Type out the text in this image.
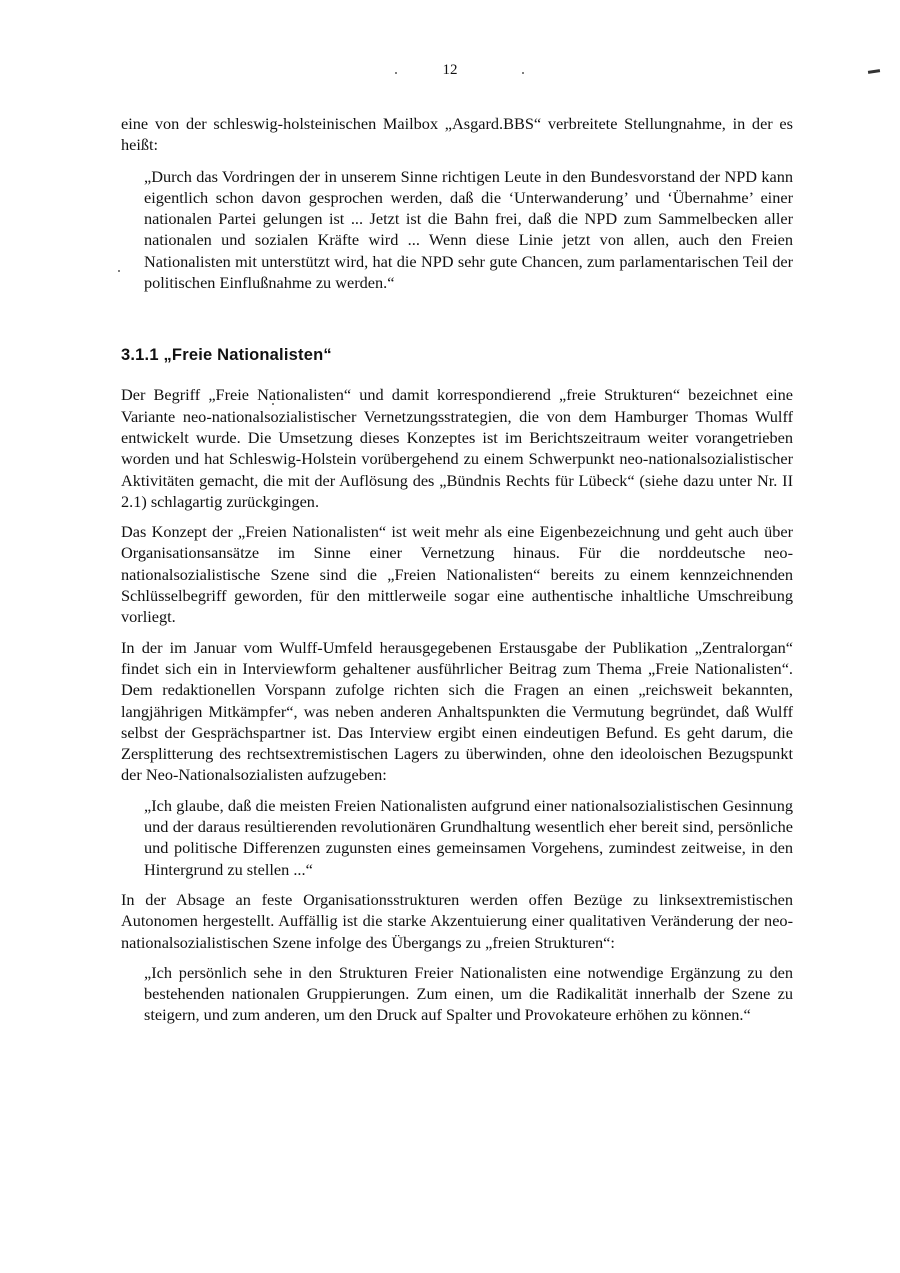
12

eine von der schleswig-holsteinischen Mailbox „Asgard.BBS“ verbreitete Stellungnahme, in der es heißt:

„Durch das Vordringen der in unserem Sinne richtigen Leute in den Bundesvorstand der NPD kann eigentlich schon davon gesprochen werden, daß die ‘Unterwanderung’ und ‘Übernahme’ einer nationalen Partei gelungen ist ... Jetzt ist die Bahn frei, daß die NPD zum Sammelbecken aller nationalen und sozialen Kräfte wird ... Wenn diese Linie jetzt von allen, auch den Freien Nationalisten mit unterstützt wird, hat die NPD sehr gute Chancen, zum parlamentarischen Teil der politischen Einflußnahme zu werden.“

3.1.1 „Freie Nationalisten“

Der Begriff „Freie Nationalisten“ und damit korrespondierend „freie Strukturen“ bezeichnet eine Variante neo-nationalsozialistischer Vernetzungsstrategien, die von dem Hamburger Thomas Wulff entwickelt wurde. Die Umsetzung dieses Konzeptes ist im Berichtszeitraum weiter vorangetrieben worden und hat Schleswig-Holstein vorübergehend zu einem Schwerpunkt neo-nationalsozialistischer Aktivitäten gemacht, die mit der Auflösung des „Bündnis Rechts für Lübeck“ (siehe dazu unter Nr. II 2.1) schlagartig zurückgingen.

Das Konzept der „Freien Nationalisten“ ist weit mehr als eine Eigenbezeichnung und geht auch über Organisationsansätze im Sinne einer Vernetzung hinaus. Für die norddeutsche neo-nationalsozialistische Szene sind die „Freien Nationalisten“ bereits zu einem kennzeichnenden Schlüsselbegriff geworden, für den mittlerweile sogar eine authentische inhaltliche Umschreibung vorliegt.

In der im Januar vom Wulff-Umfeld herausgegebenen Erstausgabe der Publikation „Zentralorgan“ findet sich ein in Interviewform gehaltener ausführlicher Beitrag zum Thema „Freie Nationalisten“. Dem redaktionellen Vorspann zufolge richten sich die Fragen an einen „reichsweit bekannten, langjährigen Mitkämpfer“, was neben anderen Anhaltspunkten die Vermutung begründet, daß Wulff selbst der Gesprächspartner ist. Das Interview ergibt einen eindeutigen Befund. Es geht darum, die Zersplitterung des rechtsextremistischen Lagers zu überwinden, ohne den ideoloischen Bezugspunkt der Neo-Nationalsozialisten aufzugeben:

„Ich glaube, daß die meisten Freien Nationalisten aufgrund einer nationalsozialistischen Gesinnung und der daraus resultierenden revolutionären Grundhaltung wesentlich eher bereit sind, persönliche und politische Differenzen zugunsten eines gemeinsamen Vorgehens, zumindest zeitweise, in den Hintergrund zu stellen ...“

In der Absage an feste Organisationsstrukturen werden offen Bezüge zu linksextremistischen Autonomen hergestellt. Auffällig ist die starke Akzentuierung einer qualitativen Veränderung der neo-nationalsozialistischen Szene infolge des Übergangs zu „freien Strukturen“:

„Ich persönlich sehe in den Strukturen Freier Nationalisten eine notwendige Ergänzung zu den bestehenden nationalen Gruppierungen. Zum einen, um die Radikalität innerhalb der Szene zu steigern, und zum anderen, um den Druck auf Spalter und Provokateure erhöhen zu können.“
